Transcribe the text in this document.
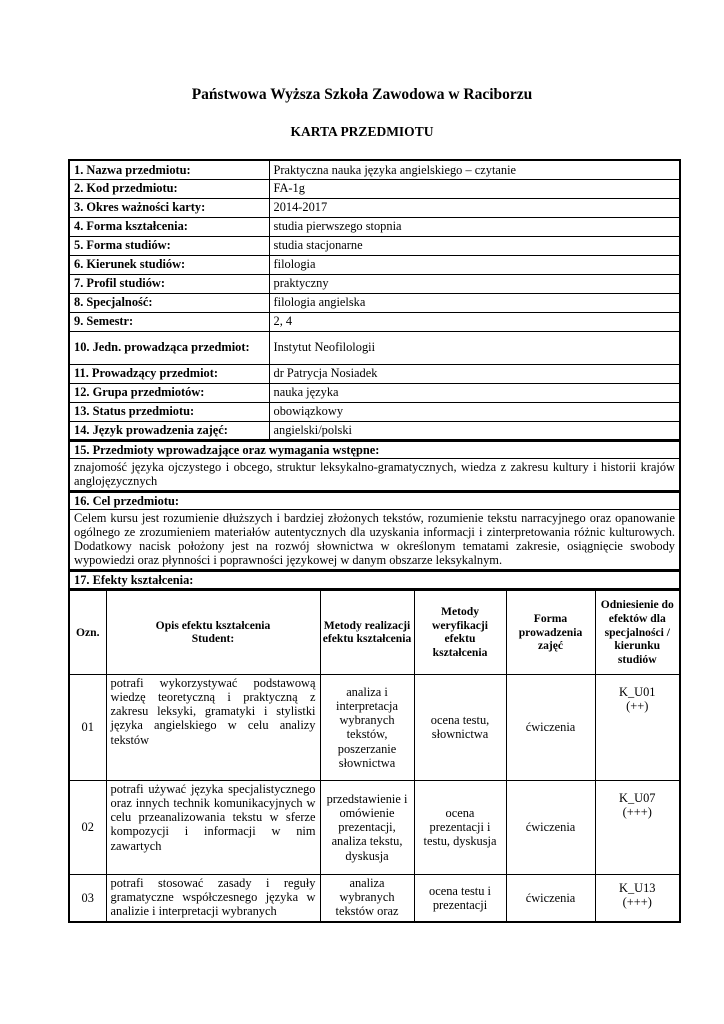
Państwowa Wyższa Szkoła Zawodowa w Raciborzu
KARTA PRZEDMIOTU
1. Nazwa przedmiotu:	Praktyczna nauka języka angielskiego – czytanie
2. Kod przedmiotu:	FA-1g
3. Okres ważności karty:	2014-2017
4. Forma kształcenia:	studia pierwszego stopnia
5. Forma studiów:	studia stacjonarne
6. Kierunek studiów:	filologia
7. Profil studiów:	praktyczny
8. Specjalność:	filologia angielska
9. Semestr:	2, 4
10. Jedn. prowadząca przedmiot:	Instytut Neofilologii
11. Prowadzący przedmiot:	dr Patrycja Nosiadek
12. Grupa przedmiotów:	nauka języka
13. Status przedmiotu:	obowiązkowy
14. Język prowadzenia zajęć:	angielski/polski
15. Przedmioty wprowadzające oraz wymagania wstępne:
znajomość języka ojczystego i obcego, struktur leksykalno-gramatycznych, wiedza z zakresu kultury i historii krajów anglojęzycznych
16. Cel przedmiotu:
Celem kursu jest rozumienie dłuższych i bardziej złożonych tekstów, rozumienie tekstu narracyjnego oraz opanowanie ogólnego ze zrozumieniem materiałów autentycznych dla uzyskania informacji i zinterpretowania różnic kulturowych. Dodatkowy nacisk położony jest na rozwój słownictwa w określonym tematami zakresie, osiągnięcie swobody wypowiedzi oraz płynności i poprawności językowej w danym obszarze leksykalnym.
17. Efekty kształcenia:
Ozn.	Opis efektu kształcenia Student:	Metody realizacji efektu kształcenia	Metody weryfikacji efektu kształcenia	Forma prowadzenia zajęć	Odniesienie do efektów dla specjalności / kierunku studiów
01	potrafi wykorzystywać podstawową wiedzę teoretyczną i praktyczną z zakresu leksyki, gramatyki i stylistki języka angielskiego w celu analizy tekstów	analiza i interpretacja wybranych tekstów, poszerzanie słownictwa	ocena testu, słownictwa	ćwiczenia	K_U01
(++)

02	potrafi używać języka specjalistycznego oraz innych technik komunikacyjnych w celu przeanalizowania tekstu w sferze kompozycji i informacji w nim zawartych	przedstawienie i omówienie prezentacji, analiza tekstu, dyskusja	ocena prezentacji i testu, dyskusja	ćwiczenia	K_U07
(+++)

03	potrafi stosować zasady i reguły gramatyczne współczesnego języka w analizie i interpretacji wybranych	analiza wybranych tekstów oraz	ocena testu i prezentacji	ćwiczenia	K_U13
(+++)
